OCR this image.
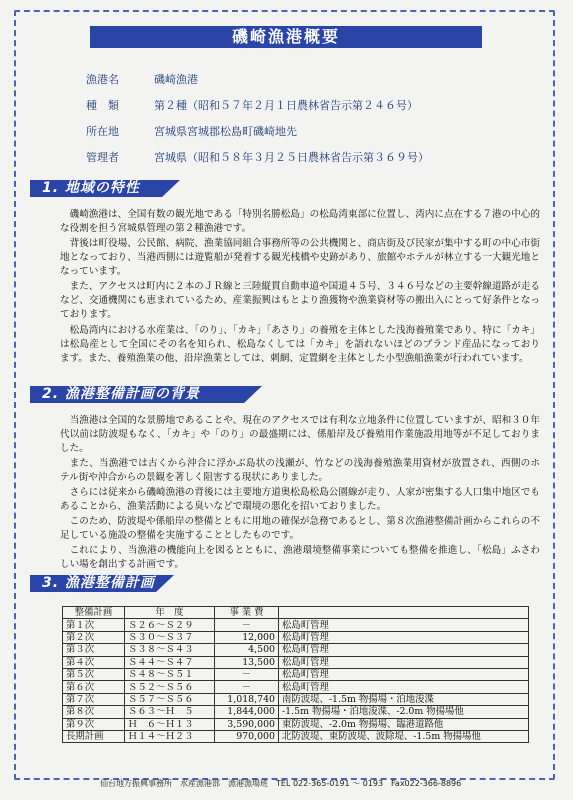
磯崎漁港概要
漁港名	磯崎漁港
種　類	第２種（昭和５７年２月１日農林省告示第２４６号）
所在地	宮城県宮城郡松島町磯崎地先
管理者	宮城県（昭和５８年３月２５日農林省告示第３６９号）
1. 地域の特性

磯崎漁港は、全国有数の観光地である「特別名勝松島」の松島湾東部に位置し、湾内に点在する７港の中心的な役割を担う宮城県管理の第２種漁港です。

背後は町役場、公民館、病院、漁業協同組合事務所等の公共機関と、商店街及び民家が集中する町の中心市街地となっており、当港西側には遊覧船が発着する観光桟橋や史跡があり、旅館やホテルが林立する一大観光地となっています。

また、アクセスは町内に２本のＪＲ線と三陸縦貫自動車道や国道４５号、３４６号などの主要幹線道路が走るなど、交通機関にも恵まれているため、産業振興はもとより漁獲物や漁業資材等の搬出入にとって好条件となっております。

松島湾内における水産業は、「のり」、「カキ」「あさり」の養殖を主体とした浅海養殖業であり、特に「カキ」は松島産として全国にその名を知られ、松島なくしては「カキ」を語れないほどのブランド産品になっております。また、養殖漁業の他、沿岸漁業としては、刺網、定置網を主体とした小型漁船漁業が行われています。

2. 漁港整備計画の背景

当漁港は全国的な景勝地であることや、現在のアクセスでは有利な立地条件に位置していますが、昭和３０年代以前は防波堤もなく、「カキ」や「のり」の最盛期には、係船岸及び養殖用作業施設用地等が不足しておりました。

また、当漁港では古くから沖合に浮かぶ島状の浅瀬が、竹などの浅海養殖漁業用資材が放置され、西側のホテル街や沖合からの景観を著しく阻害する現状にありました。

さらには従来から磯崎漁港の背後には主要地方道奥松島松島公園線が走り、人家が密集する人口集中地区でもあることから、漁業活動による臭いなどで環境の悪化を招いておりました。

このため、防波堤や係船岸の整備とともに用地の確保が急務であるとし、第８次漁港整備計画からこれらの不足している施設の整備を実施することとしたものです。

これにより、当漁港の機能向上を図るとともに、漁港環境整備事業についても整備を推進し、「松島」ふさわしい場を創出する計画です。

3. 漁港整備計画
整備計画	年　度	事 業 費	
第１次	Ｓ２６～Ｓ２９	－	松島町管理
第２次	Ｓ３０～Ｓ３７	12,000	松島町管理
第３次	Ｓ３８～Ｓ４３	4,500	松島町管理
第４次	Ｓ４４～Ｓ４７	13,500	松島町管理
第５次	Ｓ４８～Ｓ５１	－	松島町管理
第６次	Ｓ５２～Ｓ５６	－	松島町管理
第７次	Ｓ５７～Ｓ５６	1,018,740	南防波堤、-1.5m 物揚場・泊地浚渫
第８次	Ｓ６３～Ｈ　５	1,844,000	-1.5m 物揚場・泊地浚渫、-2.0m 物揚場他
第９次	Ｈ　６～Ｈ１３	3,590,000	東防波堤、-2.0m 物揚場、臨港道路他
長期計画	Ｈ１４～Ｈ２３	970,000	北防波堤、東防波堤、波除堤、-1.5m 物揚場他
仙台地方振興事務所　水産漁港部　漁港漁場班　TEL 022-365-0191 ～ 0193　Fax022-366-8896
